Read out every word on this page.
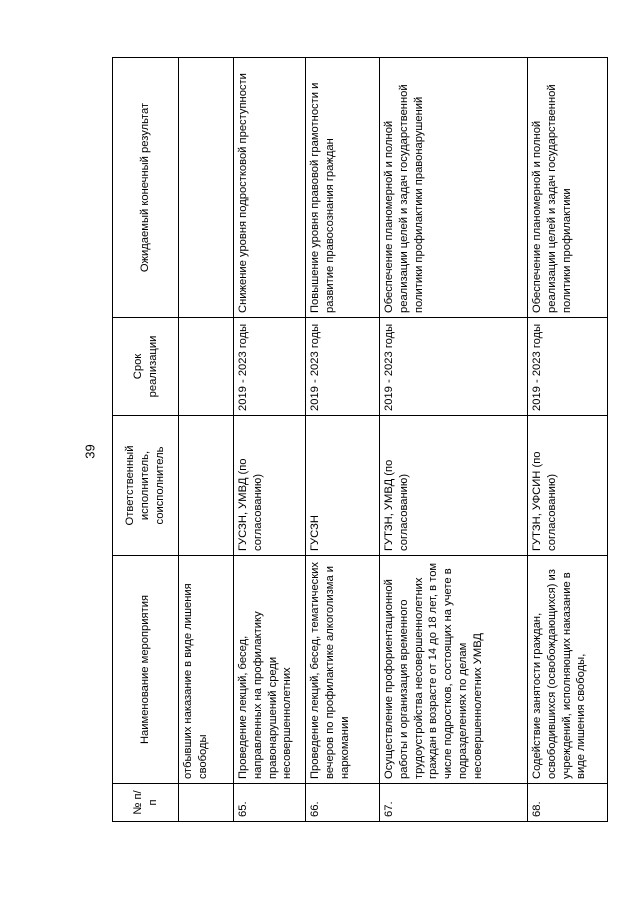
39
№ п/п	Наименование мероприятия	Ответственный исполнитель, соисполнитель	Срок реализации	Ожидаемый конечный результат
	отбывших наказание в виде лишения свободы			
65.	Проведение лекций, бесед, направленных на профилактику правонарушений среди несовершеннолетних	ГУСЗН, УМВД (по согласованию)	2019 - 2023 годы	Снижение уровня подростковой преступности
66.	Проведение лекций, бесед, тематических вечеров по профилактике алкоголизма и наркомании	ГУСЗН	2019 - 2023 годы	Повышение уровня правовой грамотности и развитие правосознания граждан
67.	Осуществление профориентационной работы и организация временного трудоустройства несовершеннолетних граждан в возрасте от 14 до 18 лет, в том числе подростков, состоящих на учете в подразделениях по делам несовершеннолетних УМВД	ГУТЗН, УМВД (по согласованию)	2019 - 2023 годы	Обеспечение планомерной и полной реализации целей и задач государственной политики профилактики правонарушений
68.	Содействие занятости граждан, освободившихся (освобождающихся) из учреждений, исполняющих наказание в виде лишения свободы,	ГУТЗН, УФСИН (по согласованию)	2019 - 2023 годы	Обеспечение планомерной и полной реализации целей и задач государственной политики профилактики
